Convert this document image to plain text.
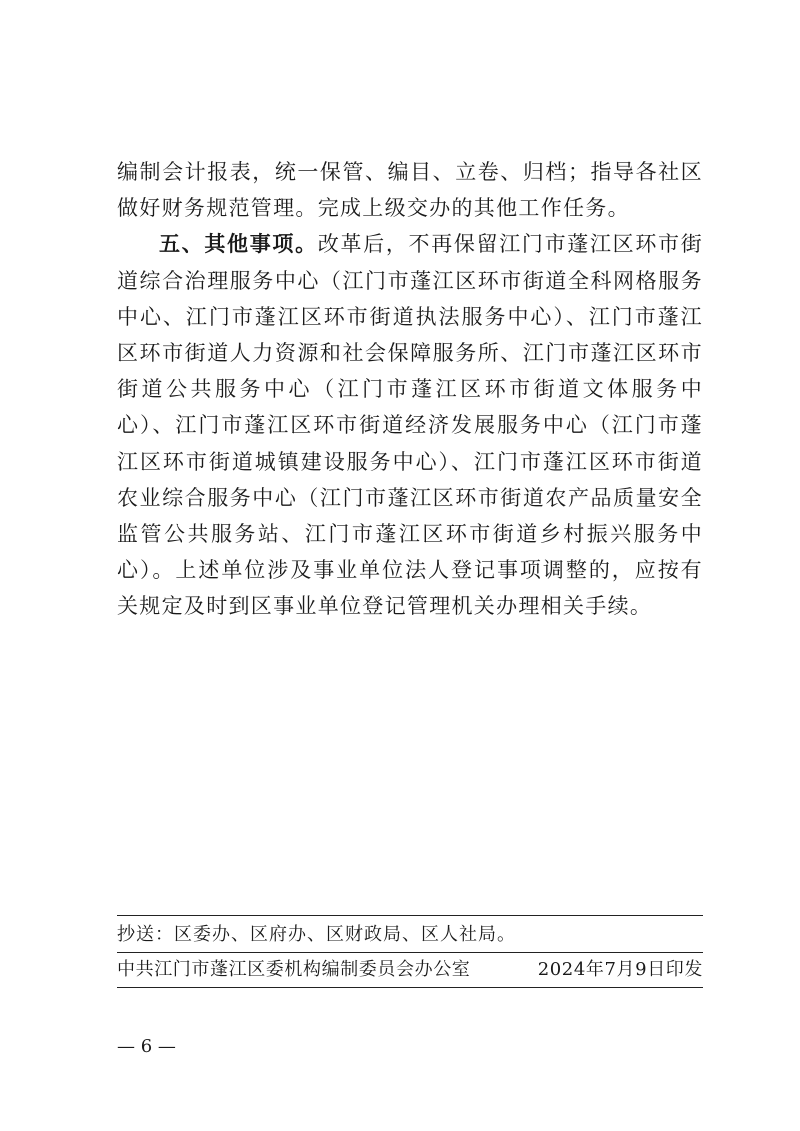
编制会计报表，统一保管、编目、立卷、归档；指导各社区做好财务规范管理。完成上级交办的其他工作任务。

五、其他事项。改革后，不再保留江门市蓬江区环市街道综合治理服务中心（江门市蓬江区环市街道全科网格服务中心、江门市蓬江区环市街道执法服务中心）、江门市蓬江区环市街道人力资源和社会保障服务所、江门市蓬江区环市街道公共服务中心（江门市蓬江区环市街道文体服务中心）、江门市蓬江区环市街道经济发展服务中心（江门市蓬江区环市街道城镇建设服务中心）、江门市蓬江区环市街道农业综合服务中心（江门市蓬江区环市街道农产品质量安全监管公共服务站、江门市蓬江区环市街道乡村振兴服务中心）。上述单位涉及事业单位法人登记事项调整的，应按有关规定及时到区事业单位登记管理机关办理相关手续。

抄送：区委办、区府办、区财政局、区人社局。
中共江门市蓬江区委机构编制委员会办公室	2024年7月9日印发
— 6 —
